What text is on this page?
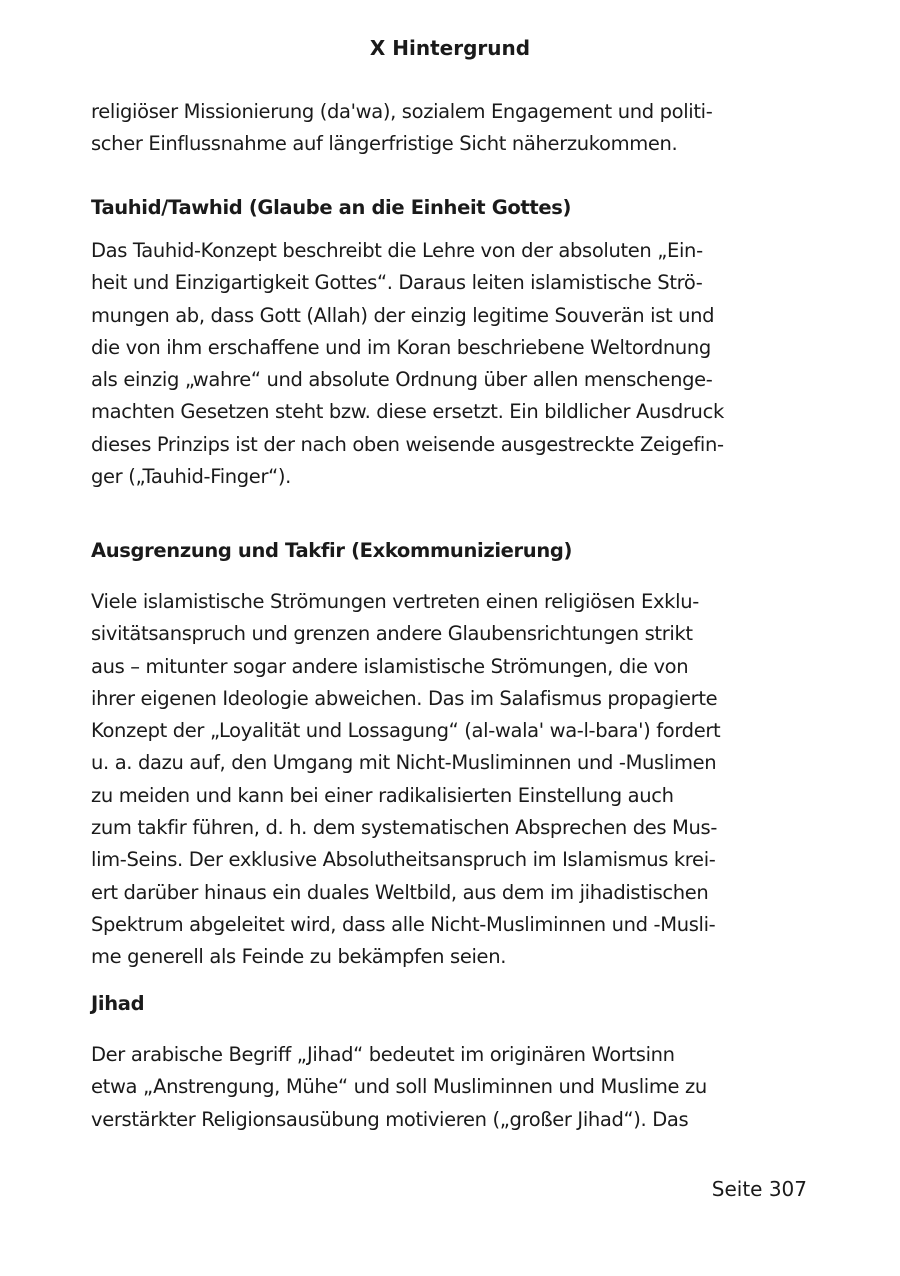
X Hintergrund
religiöser Missionierung (da'wa), sozialem Engagement und politi-
scher Einflussnahme auf längerfristige Sicht näherzukommen.
Tauhid/Tawhid (Glaube an die Einheit Gottes)
Das Tauhid-Konzept beschreibt die Lehre von der absoluten „Ein-
heit und Einzigartigkeit Gottes“. Daraus leiten islamistische Strö-
mungen ab, dass Gott (Allah) der einzig legitime Souverän ist und
die von ihm erschaffene und im Koran beschriebene Weltordnung
als einzig „wahre“ und absolute Ordnung über allen menschenge-
machten Gesetzen steht bzw. diese ersetzt. Ein bildlicher Ausdruck
dieses Prinzips ist der nach oben weisende ausgestreckte Zeigefin-
ger („Tauhid-Finger“).
Ausgrenzung und Takfir (Exkommunizierung)
Viele islamistische Strömungen vertreten einen religiösen Exklu-
sivitätsanspruch und grenzen andere Glaubensrichtungen strikt
aus – mitunter sogar andere islamistische Strömungen, die von
ihrer eigenen Ideologie abweichen. Das im Salafismus propagierte
Konzept der „Loyalität und Lossagung“ (al-wala' wa-l-bara') fordert
u. a. dazu auf, den Umgang mit Nicht-Musliminnen und -Muslimen
zu meiden und kann bei einer radikalisierten Einstellung auch
zum takfir führen, d. h. dem systematischen Absprechen des Mus-
lim-Seins. Der exklusive Absolutheitsanspruch im Islamismus krei-
ert darüber hinaus ein duales Weltbild, aus dem im jihadistischen
Spektrum abgeleitet wird, dass alle Nicht-Musliminnen und -Musli-
me generell als Feinde zu bekämpfen seien.
Jihad
Der arabische Begriff „Jihad“ bedeutet im originären Wortsinn
etwa „Anstrengung, Mühe“ und soll Musliminnen und Muslime zu
verstärkter Religionsausübung motivieren („großer Jihad“). Das
Seite 307
